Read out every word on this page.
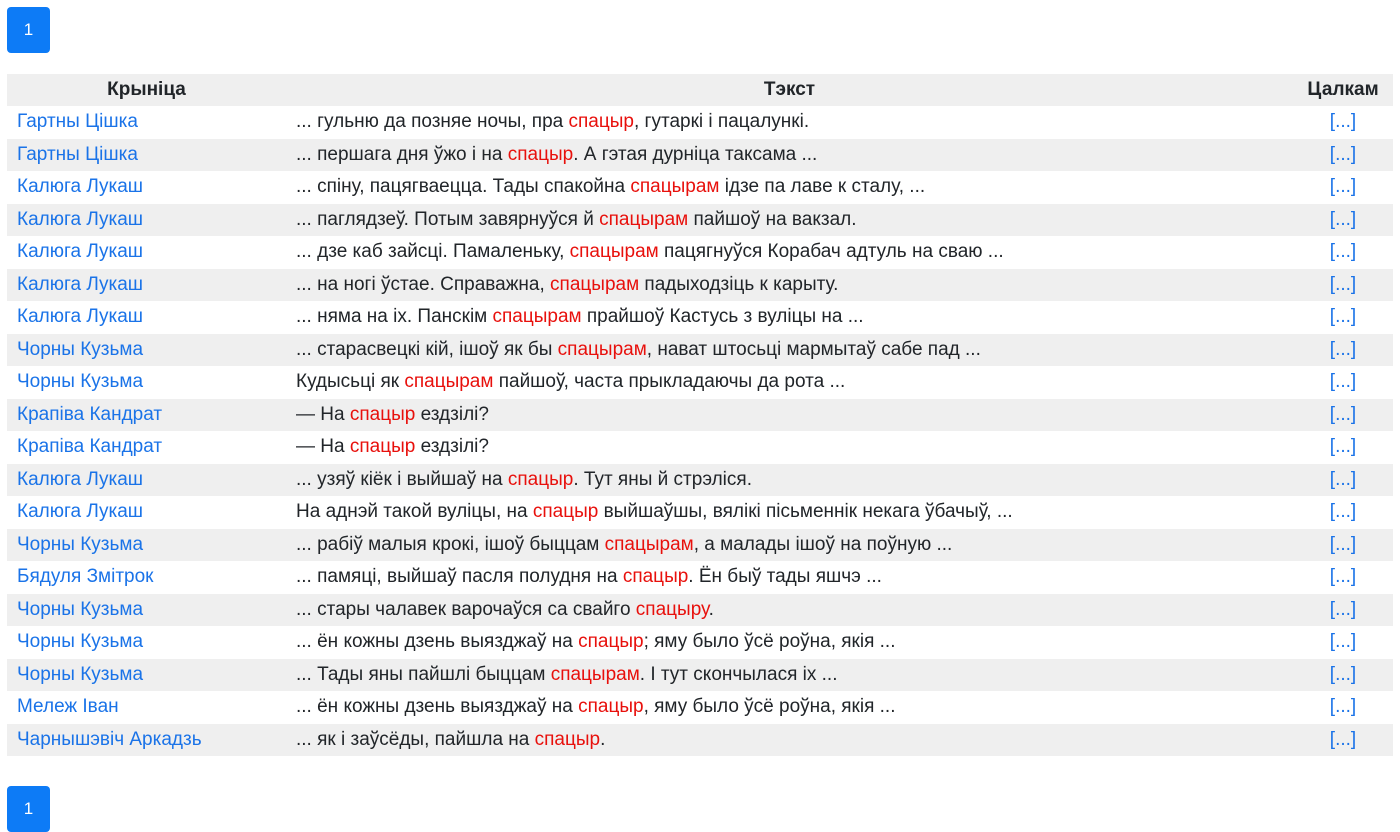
1
Крыніца	Тэкст	Цалкам
Гартны Цішка	... гульню да позняе ночы, пра спацыр, гутаркі і пацалункі.	[...]
Гартны Цішка	... першага дня ўжо і на спацыр. А гэтая дурніца таксама ...	[...]
Калюга Лукаш	... спіну, пацягваецца. Тады спакойна спацырам ідзе па лаве к сталу, ...	[...]
Калюга Лукаш	... паглядзеў. Потым завярнуўся й спацырам пайшоў на вакзал.	[...]
Калюга Лукаш	... дзе каб зайсці. Памаленьку, спацырам пацягнуўся Корабач адтуль на сваю ...	[...]
Калюга Лукаш	... на ногі ўстае. Справажна, спацырам падыходзіць к карыту.	[...]
Калюга Лукаш	... няма на іх. Панскім спацырам прайшоў Кастусь з вуліцы на ...	[...]
Чорны Кузьма	... старасвецкі кій, ішоў як бы спацырам, нават штосьці мармытаў сабе пад ...	[...]
Чорны Кузьма	Кудысьці як спацырам пайшоў, часта прыкладаючы да рота ...	[...]
Крапіва Кандрат	— На спацыр ездзілі?	[...]
Крапіва Кандрат	— На спацыр ездзілі?	[...]
Калюга Лукаш	... узяў кіёк і выйшаў на спацыр. Тут яны й стрэліся.	[...]
Калюга Лукаш	На аднэй такой вуліцы, на спацыр выйшаўшы, вялікі пісьменнік некага ўбачыў, ...	[...]
Чорны Кузьма	... рабіў малыя крокі, ішоў быццам спацырам, а малады ішоў на поўную ...	[...]
Бядуля Змітрок	... памяці, выйшаў пасля полудня на спацыр. Ён быў тады яшчэ ...	[...]
Чорны Кузьма	... стары чалавек варочаўся са свайго спацыру.	[...]
Чорны Кузьма	... ён кожны дзень выязджаў на спацыр; яму было ўсё роўна, якія ...	[...]
Чорны Кузьма	... Тады яны пайшлі быццам спацырам. І тут скончылася іх ...	[...]
Мележ Іван	... ён кожны дзень выязджаў на спацыр, яму было ўсё роўна, якія ...	[...]
Чарнышэвіч Аркадзь	... як і заўсёды, пайшла на спацыр.	[...]
1
